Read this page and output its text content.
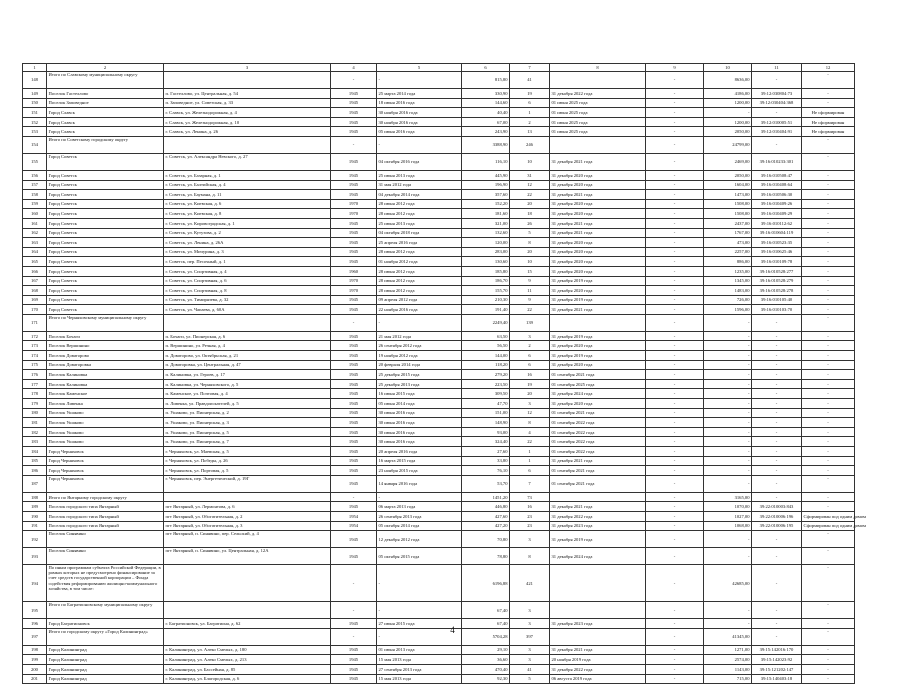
1	2	3	4	5	6	7	8	9	10	11	12
148	Итого по Славскому муниципальному округу		-	-	815,80	41		-	8636,00	-	-
149	Поселок Гастеллово	п. Гастеллово, ул. Центральная, д. 54	1945	25 марта 2014 года	330,90	19	31 декабря 2022 года	-	4186,00	39:12:030804:73	-
150	Поселок Заповедное	п. Заповедное, ул. Советская, д. 33	1945	18 июня 2016 года	144,60	6	01 июня 2025 года	-	1200,00	39:12:030404:368	-
151	Город Славск	г. Славск, ул. Железнодорожная, д. 4	1945	30 ноября 2016 года	40,40	1	01 июня 2025 года	-	-	-	Не сформирован
152	Город Славск	г. Славск, ул. Железнодорожная, д. 10	1945	30 ноября 2016 года	67,00	2	01 июня 2025 года	-	1200,00	39:12:010005:51	Не сформирован
153	Город Славск	г. Славск, ул. Ленина, д. 26	1945	05 июня 2016 года	243,90	13	01 июня 2025 года	-	2050,00	39:12:010404:91	Не сформирован
154	Итого по Советскому городскому округу		-	-	3388,90	246		-	24799,00	-	-
155	Город Советск	г. Советск, ул. Александра Невского, д. 27	1945	04 октября 2016 года	116,10	10	31 декабря 2021 года	-	2469,00	39:16:010233:301	-
156	Город Советск	г. Советск, ул. Базарная, д. 1	1945	25 июня 2013 года	445,90	31	31 декабря 2020 года	-	2050,00	39:16:010508:47	-
157	Город Советск	г. Советск, ул. Балтийская, д. 4	1945	31 мая 2012 года	196,90	12	31 декабря 2020 года	-	1604,00	39:16:010408:64	-
158	Город Советск	г. Советск, ул. Баумана, д. 11	1945	04 декабря 2014 года	357,60	22	31 декабря 2021 года	-	1473,00	39:16:010506:30	-
159	Город Советск	г. Советск, ул. Киевская, д. 6	1970	28 июня 2012 года	152,20	20	31 декабря 2020 года	-	1508,00	39:16:010409:26	-
160	Город Советск	г. Советск, ул. Киевская, д. 8	1970	28 июня 2012 года	181,60	18	31 декабря 2020 года	-	1508,00	39:16:010409:29	-
161	Город Советск	г. Советск, ул. Кировоградская, д. 1	1945	25 июня 2013 года	321,00	26	31 декабря 2021 года	-	2437,00	39:16:010112:62	-
162	Город Советск	г. Советск, ул. Кутузова, д. 2	1945	04 октября 2018 года	132,60	5	31 декабря 2021 года	-	1767,00	39:16:010604:119	-
163	Город Советск	г. Советск, ул. Ленина, д. 26А	1945	25 апреля 2016 года	120,00	8	31 декабря 2020 года	-	473,00	39:16:010523:35	-
164	Город Советск	г. Советск, ул. Мичурина, д. 3	1945	28 июня 2012 года	283,00	20	31 декабря 2020 года	-	2257,00	39:16:010625:46	-
165	Город Советск	г. Советск, пер. Песочный, д. 1	1945	01 ноября 2012 года	130,60	10	31 декабря 2020 года	-	886,00	39:16:010109:78	-
166	Город Советск	г. Советск, ул. Спортивная, д. 4	1960	28 июня 2012 года	185,80	15	31 декабря 2020 года	-	1235,00	39:16:010528:277	-
167	Город Советск	г. Советск, ул. Спортивная, д. 6	1970	28 июня 2012 года	186,70	9	31 декабря 2019 года	-	1345,00	39:16:010528:279	-
168	Город Советск	г. Советск, ул. Спортивная, д. 8	1970	28 июня 2012 года	155,70	11	31 декабря 2020 года	-	1483,00	39:16:010528:278	-
169	Город Советск	г. Советск, ул. Тимирязева, д. 32	1945	09 апреля 2012 года	210,30	9	31 декабря 2019 года	-	726,00	39:16:010105:40	-
170	Город Советск	г. Советск, ул. Чапаева, д. 60А	1945	22 ноября 2016 года	191,40	22	31 декабря 2021 года	-	1596,00	39:16:010103:70	-
171	Итого по Черняховскому муниципальному округу		-	-	2249,40	139		-	-	-	-
172	Поселок Бочаги	п. Бочаги, ул. Пионерская, д. 6	1945	21 мая 2012 года	63,50	3	31 декабря 2019 года	-	-	-	-
173	Поселок Вершинино	п. Вершинино, ул. Речная, д. 4	1945	26 сентября 2012 года	56,50	2	31 декабря 2020 года	-	-	-	-
174	Поселок Доваторово	п. Доваторово, ул. Октябрьская, д. 21	1945	19 ноября 2012 года	144,00	6	31 декабря 2019 года	-	-	-	-
175	Поселок Доваторовка	п. Доваторовка, ул. Центральная, д. 47	1945	20 февраля 2014 года	118,20	6	31 декабря 2020 года	-	-	-	-
176	Поселок Калиновка	п. Калиновка, ул. Героев, д. 17	1945	25 декабря 2015 года	279,20	16	01 сентября 2021 года	-	-	-	-
177	Поселок Калиновка	п. Калиновка, ул. Черняховского, д. 5	1945	25 декабря 2013 года	223,50	19	01 сентября 2025 года	-	-	-	-
178	Поселок Каменское	п. Каменское, ул. Почтовая, д. 4	1945	16 июня 2015 года	309,50	20	31 декабря 2024 года	-	-	-	-
179	Поселок Ливенка	п. Ливенка, ул. Правдоискателей, д. 5	1945	05 июня 2014 года	47,70	3	31 декабря 2020 года	-	-	-	-
180	Поселок Ушаково	п. Ушаково, ул. Пионерская, д. 2	1945	30 июня 2016 года	151,00	12	01 сентября 2021 года	-	-	-	-
181	Поселок Ушаково	п. Ушаково, ул. Пионерская, д. 3	1945	30 июня 2016 года	148,90	8	01 сентября 2022 года	-	-	-	-
182	Поселок Ушаково	п. Ушаково, ул. Пионерская, д. 5	1945	30 июня 2016 года	93,00	4	01 сентября 2022 года	-	-	-	-
183	Поселок Ушаково	п. Ушаково, ул. Пионерская, д. 7	1945	30 июня 2016 года	324,40	22	01 сентября 2022 года	-	-	-	-
184	Город Черняховск	г. Черняховск, ул. Маевская, д. 5	1945	20 апреля 2016 года	27,60	1	01 сентября 2022 года	-	-	-	-
185	Город Черняховск	г. Черняховск, ул. Победы, д. 26	1945	16 марта 2015 года	33,80	1	31 декабря 2021 года	-	-	-	-
186	Город Черняховск	г. Черняховск, ул. Портовая, д. 5	1945	23 ноября 2015 года	76,10	6	01 сентября 2021 года	-	-	-	-
187	Город Черняховск	г. Черняховск, пер. Энергетический, д. 19Г	1945	14 января 2016 года	53,70	7	01 сентября 2021 года	-	-	-	-
188	Итого по Янтарному городскому округу		-	-	1451,20	73		-	3165,00	-	-
189	Поселок городского типа Янтарный	пгт Янтарный, ул. Лермонтова, д. 6	1945	06 марта 2013 года	446,80	16	31 декабря 2021 года	-	1070,00	39:22:010003:843	-
190	Поселок городского типа Янтарный	пгт Янтарный, ул. Обогатительная, д. 2	1954	26 сентября 2013 года	427,60	23	31 декабря 2022 года	-	1027,00	39:22:010006:196	Сформирован под одним домом
191	Поселок городского типа Янтарный	пгт Янтарный, ул. Обогатительная, д. 3	1954	05 октября 2014 года	427,20	23	31 декабря 2023 года	-	1068,00	39:22:010006:195	Сформирован под одним домом
192	Поселок Синявино	пгт Янтарный, п. Синявино, пер. Сельский, д. 4	1945	12 декабря 2012 года	70,80	3	31 декабря 2019 года	-	-	-	-
193	Поселок Синявино	пгт Янтарный, п. Синявино, ул. Центральная, д. 12А	1945	05 октября 2015 года	78,80	8	31 декабря 2024 года	-	-	-	-
194	По иным программам субъекта Российской Федерации, в рамках которых не предусмотрено финансирование за счет средств государственной корпорации – Фонда содействия реформированию жилищно-коммунального хозяйства, в том числе:		-	-	6196,88	421		-	42685,00	-	-
195	Итого по Багратионовскому муниципальному округу		-	-	67,40	3		-	-	-	-
196	Город Багратионовск	г. Багратионовск, ул. Багратиона, д. 62	1945	27 июня 2015 года	67,40	3	31 декабря 2023 года	-	-	-	-
197	Итого по городскому округу «Город Калининград»		-	-	5704,28	397		-	41345,00	-	-
198	Город Калининград	г. Калининград, ул. Алеко Смелых, д. 180	1945	01 июня 2013 года	29,10	3	31 декабря 2021 года	-	1271,00	39:15:142016:170	-
199	Город Калининград	г. Калининград, ул. Алеко Смелых, д. 213	1945	15 мая 2013 года	36,60	3	20 ноября 2019 года	-	2574,00	39:15:142023:92	-
200	Город Калининград	г. Калининград, ул. Бассейная, д. 85	1945	27 сентября 2013 года	470,40	41	31 декабря 2022 года	-	1143,00	39:15:121202:147	-
201	Город Калининград	г. Калининград, ул. Благородская, д. 6	1945	15 мая 2013 года	92,30	5	06 августа 2019 года	-	715,00	39:15:140403:18	-
4
